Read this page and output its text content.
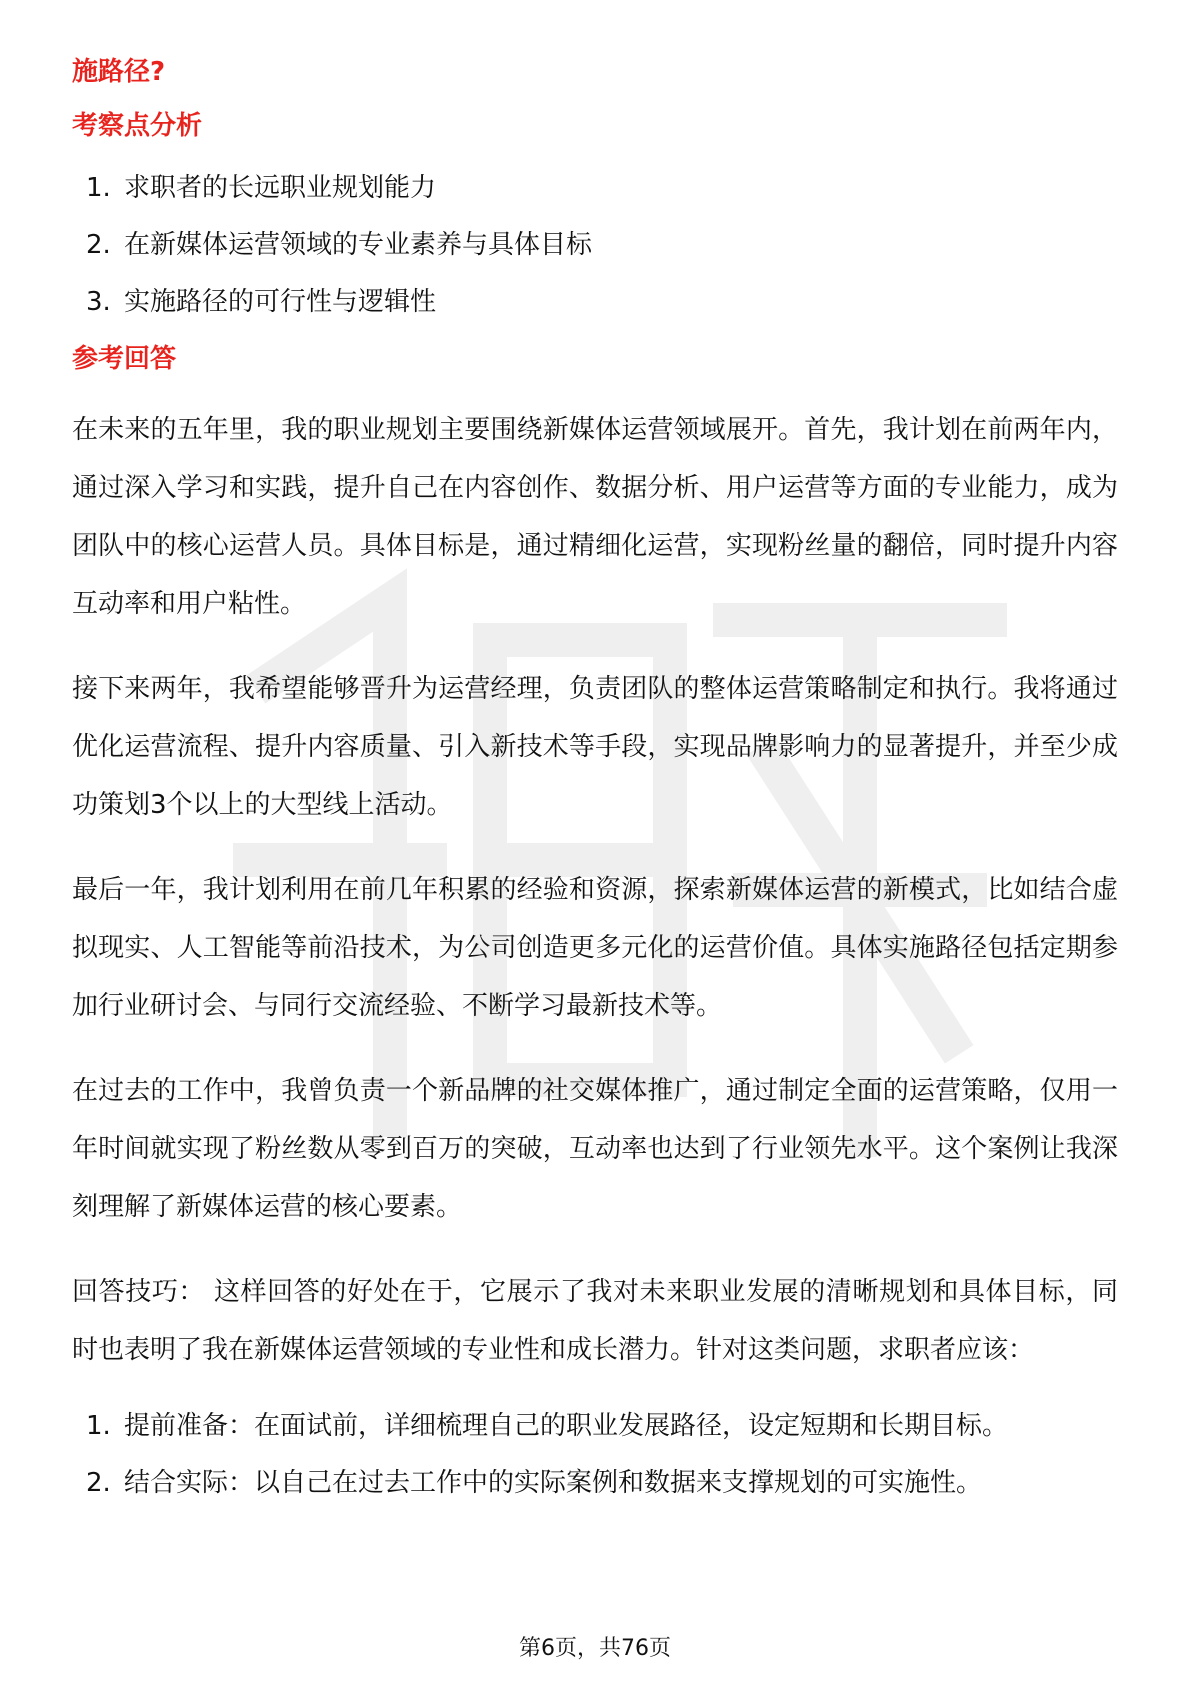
施路径?
考察点分析
1. 求职者的长远职业规划能力
2. 在新媒体运营领域的专业素养与具体目标
3. 实施路径的可行性与逻辑性
参考回答

在未来的五年里，我的职业规划主要围绕新媒体运营领域展开。首先，我计划在前两年内，通过深入学习和实践，提升自己在内容创作、数据分析、用户运营等方面的专业能力，成为团队中的核心运营人员。具体目标是，通过精细化运营，实现粉丝量的翻倍，同时提升内容互动率和用户粘性。

接下来两年，我希望能够晋升为运营经理，负责团队的整体运营策略制定和执行。我将通过优化运营流程、提升内容质量、引入新技术等手段，实现品牌影响力的显著提升，并至少成功策划3个以上的大型线上活动。

最后一年，我计划利用在前几年积累的经验和资源，探索新媒体运营的新模式，比如结合虚拟现实、人工智能等前沿技术，为公司创造更多元化的运营价值。具体实施路径包括定期参加行业研讨会、与同行交流经验、不断学习最新技术等。

在过去的工作中，我曾负责一个新品牌的社交媒体推广，通过制定全面的运营策略，仅用一年时间就实现了粉丝数从零到百万的突破，互动率也达到了行业领先水平。这个案例让我深刻理解了新媒体运营的核心要素。

回答技巧： 这样回答的好处在于，它展示了我对未来职业发展的清晰规划和具体目标，同时也表明了我在新媒体运营领域的专业性和成长潜力。针对这类问题，求职者应该：

1. 提前准备：在面试前，详细梳理自己的职业发展路径，设定短期和长期目标。
2. 结合实际：以自己在过去工作中的实际案例和数据来支撑规划的可实施性。
第6页，共76页
